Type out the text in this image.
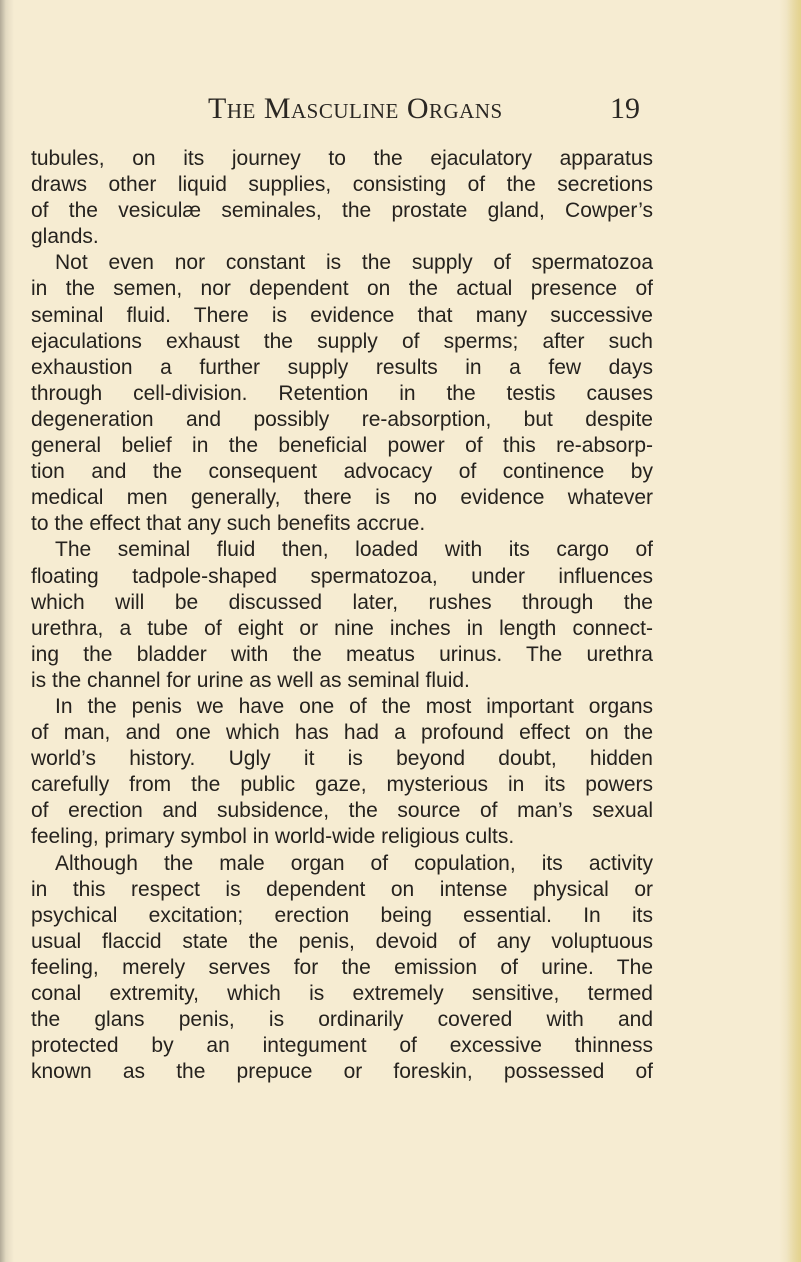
The Masculine Organs	19
tubules, on its journey to the ejaculatory apparatus
draws other liquid supplies, consisting of the secretions
of the vesiculæ seminales, the prostate gland, Cowper’s
glands.
Not even nor constant is the supply of spermatozoa
in the semen, nor dependent on the actual presence of
seminal fluid. There is evidence that many successive
ejaculations exhaust the supply of sperms; after such
exhaustion a further supply results in a few days
through cell-division. Retention in the testis causes
degeneration and possibly re-absorption, but despite
general belief in the beneficial power of this re-absorp-
tion and the consequent advocacy of continence by
medical men generally, there is no evidence whatever
to the effect that any such benefits accrue.
The seminal fluid then, loaded with its cargo of
floating tadpole-shaped spermatozoa, under influences
which will be discussed later, rushes through the
urethra, a tube of eight or nine inches in length connect-
ing the bladder with the meatus urinus. The urethra
is the channel for urine as well as seminal fluid.
In the penis we have one of the most important organs
of man, and one which has had a profound effect on the
world’s history. Ugly it is beyond doubt, hidden
carefully from the public gaze, mysterious in its powers
of erection and subsidence, the source of man’s sexual
feeling, primary symbol in world-wide religious cults.
Although the male organ of copulation, its activity
in this respect is dependent on intense physical or
psychical excitation; erection being essential. In its
usual flaccid state the penis, devoid of any voluptuous
feeling, merely serves for the emission of urine. The
conal extremity, which is extremely sensitive, termed
the glans penis, is ordinarily covered with and
protected by an integument of excessive thinness
known as the prepuce or foreskin, possessed of
